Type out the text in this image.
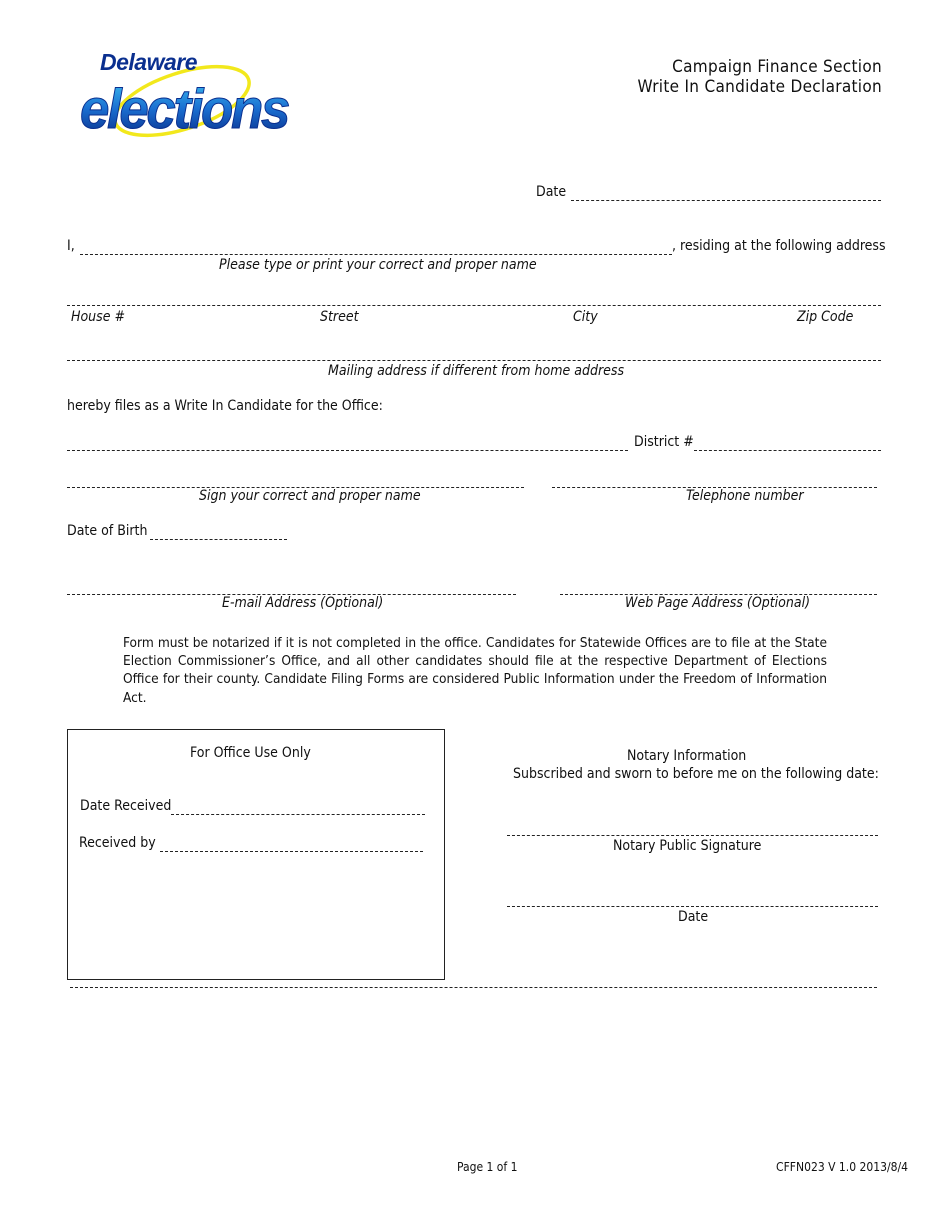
Delaware
elections
Campaign Finance Section
Write In Candidate Declaration
Date
I,	, residing at the following address
Please type or print your correct and proper name
House #	Street	City	Zip Code
Mailing address if different from home address
hereby files as a Write In Candidate for the Office:
District #
Sign your correct and proper name	Telephone number
Date of Birth
E-mail Address (Optional)	Web Page Address (Optional)
Form must be notarized if it is not completed in the office. Candidates for Statewide Offices are to file at the State Election Commissioner’s Office, and all other candidates should file at the respective Department of Elections Office for their county. Candidate Filing Forms are considered Public Information under the Freedom of Information Act.
For Office Use Only
Date Received
Received by
Notary Information
Subscribed and sworn to before me on the following date:
Notary Public Signature
Date
Page 1 of 1	CFFN023 V 1.0 2013/8/4
